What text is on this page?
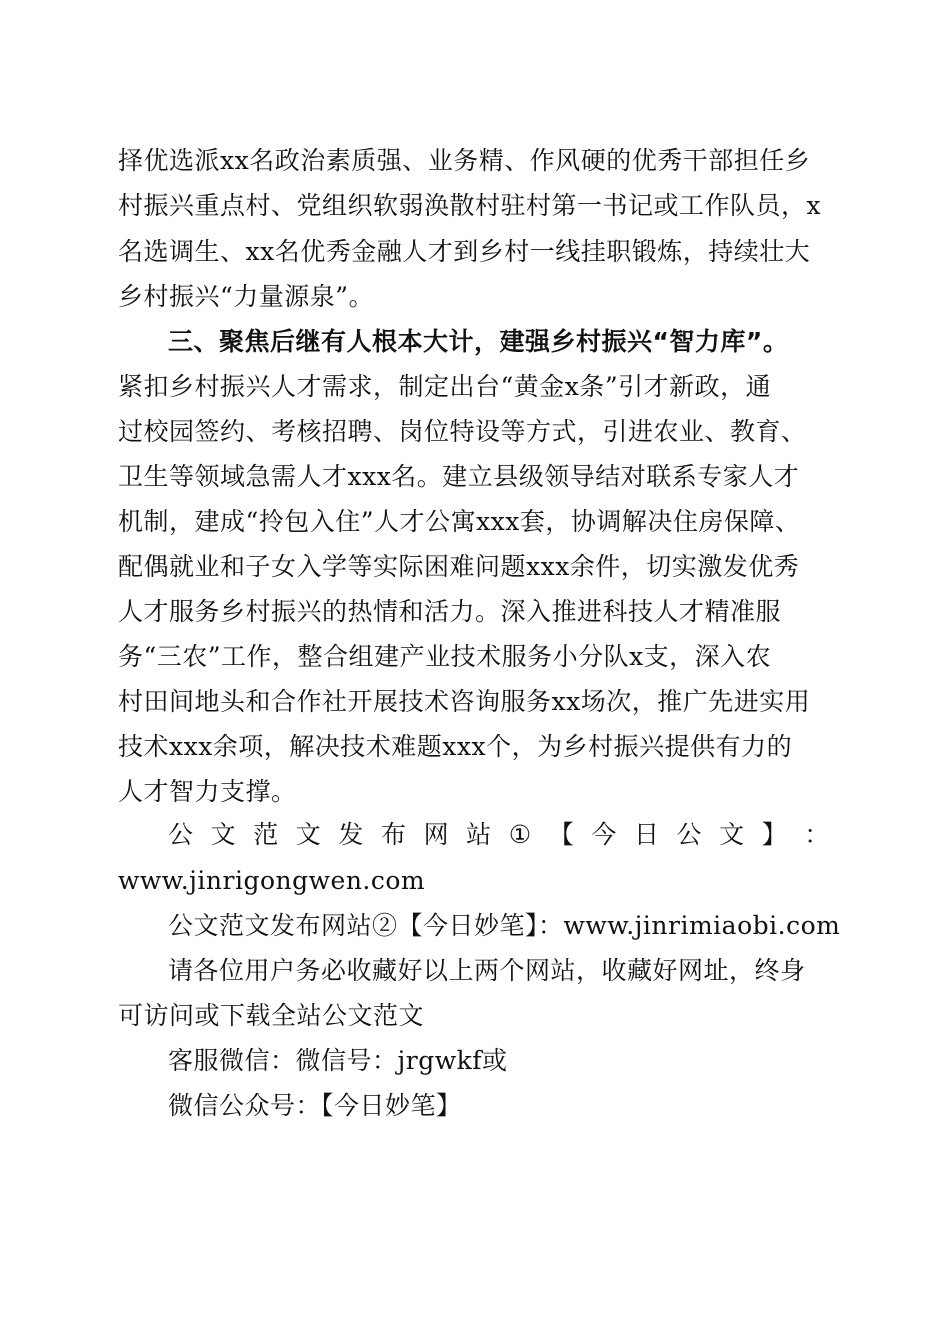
择优选派xx名政治素质强、业务精、作风硬的优秀干部担任乡
村振兴重点村、党组织软弱涣散村驻村第一书记或工作队员，x
名选调生、xx名优秀金融人才到乡村一线挂职锻炼，持续壮大
乡村振兴“力量源泉”。
三、聚焦后继有人根本大计，建强乡村振兴“智力库”。
紧扣乡村振兴人才需求，制定出台“黄金x条”引才新政，通
过校园签约、考核招聘、岗位特设等方式，引进农业、教育、
卫生等领域急需人才xxx名。建立县级领导结对联系专家人才
机制，建成“拎包入住”人才公寓xxx套，协调解决住房保障、
配偶就业和子女入学等实际困难问题xxx余件，切实激发优秀
人才服务乡村振兴的热情和活力。深入推进科技人才精准服
务“三农”工作，整合组建产业技术服务小分队x支，深入农
村田间地头和合作社开展技术咨询服务xx场次，推广先进实用
技术xxx余项，解决技术难题xxx个，为乡村振兴提供有力的
人才智力支撑。
公 文 范 文 发 布 网 站 ① 【 今 日 公 文 】 ：
www.jinrigongwen.com
公文范文发布网站②【今日妙笔】：www.jinrimiaobi.com
请各位用户务必收藏好以上两个网站，收藏好网址，终身
可访问或下载全站公文范文
客服微信：微信号：jrgwkf或
微信公众号：【今日妙笔】
